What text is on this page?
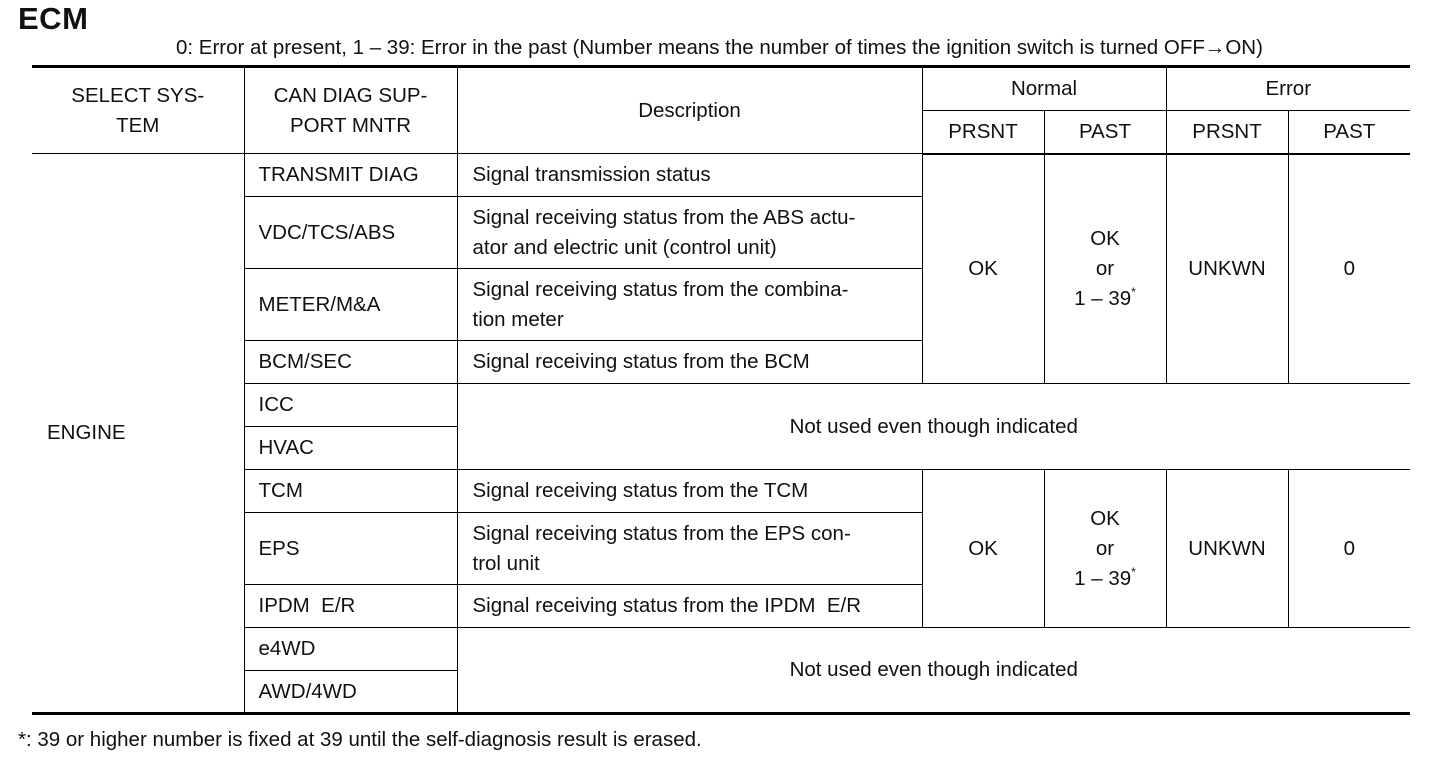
ECM
0: Error at present, 1 – 39: Error in the past (Number means the number of times the ignition switch is turned OFF→ON)
SELECT SYS-
TEM	CAN DIAG SUP-
PORT MNTR	Description	Normal		Error	
			PRSNT	PAST	PRSNT	PAST
ENGINE	TRANSMIT DIAG	Signal transmission status	OK	OK
or
1 – 39*	UNKWN	0
	VDC/TCS/ABS	Signal receiving status from the ABS actu-
ator and electric unit (control unit)				

	METER/M&A	Signal receiving status from the combina-
tion meter				

	BCM/SEC	Signal receiving status from the BCM				
	ICC	Not used even though indicated				
	HVAC					
	TCM	Signal receiving status from the TCM	OK	OK
or
1 – 39*	UNKWN	0
	EPS	Signal receiving status from the EPS con-
trol unit				

	IPDM  E/R	Signal receiving status from the IPDM  E/R				
	e4WD	Not used even though indicated				
	AWD/4WD					
*: 39 or higher number is fixed at 39 until the self-diagnosis result is erased.
